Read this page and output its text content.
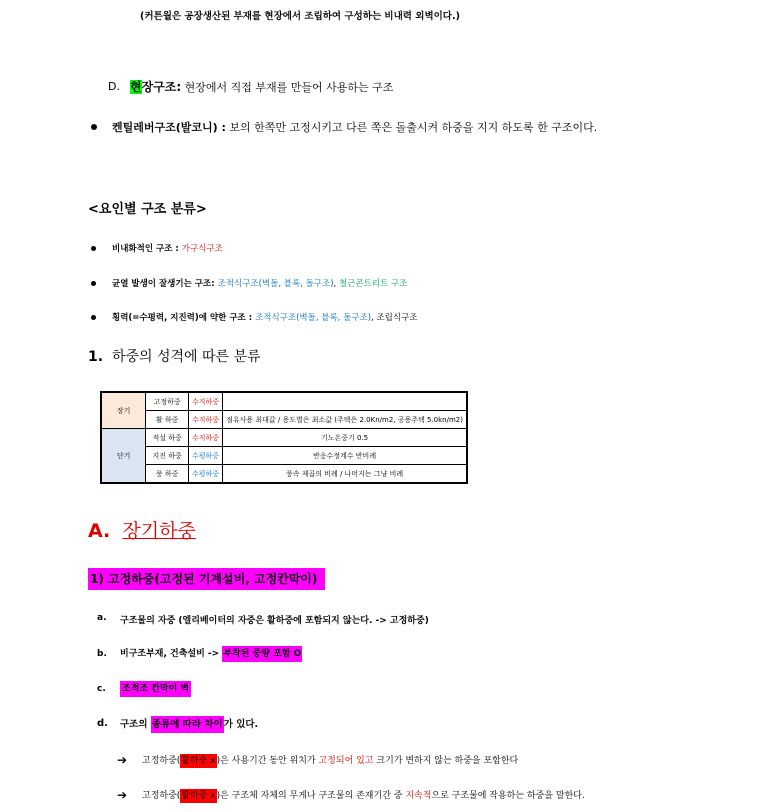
(커튼월은 공장생산된 부재를 현장에서 조립하여 구성하는 비내력 외벽이다.)
D. 현장구조: 현장에서 직접 부재를 만들어 사용하는 구조
켄틸레버구조(발코니) : 보의 한쪽만 고정시키고 다른 쪽은 돌출시켜 하중을 지지 하도록 한 구조이다.
<요인별 구조 분류>
비내화적인 구조 : 가구식구조
균열 발생이 잘생기는 구조: 조적식구조(벽돌, 블록, 돌구조), 철근콘트리트 구조
횡력(=수평력, 지진력)에 약한 구조 : 조적식구조(벽돌, 블록, 돌구조), 조립식구조
1. 하중의 성격에 따른 분류
장기	고정하중	수직하중	
	활 하중	수직하중	점유사용 최대값 / 용도별은 최소값 (주택은 2.0Kn/m2, 공용주택 5.0kn/m2)
단기	적설 하중	수직하중	기노온중기 0.5
	지진 하중	수평하중	반응수정계수 반비례
	풍 하중	수평하중	풍속 제곱의 비례 / 나머지는 그냥 비례
A. 장기하중
1) 고정하중(고정된 기계설비, 고정칸막이)
a. 구조물의 자중 (엘리베이터의 자중은 활하중에 포함되지 않는다. -> 고정하중)
b. 비구조부재, 건축설비 -> 부착된 중량 포함 O
c. 조적조 칸막이 벽
d. 구조의 종류에 따라 차이가 있다.
➔ 고정하중(활하중 x)은 사용기간 동안 위치가 고정되어 있고 크기가 변하지 않는 하중을 포함한다
➔ 고정하중(활하중 x)은 구조체 자체의 무게나 구조물의 존재기간 중 지속적으로 구조물에 작용하는 하중을 말한다.
